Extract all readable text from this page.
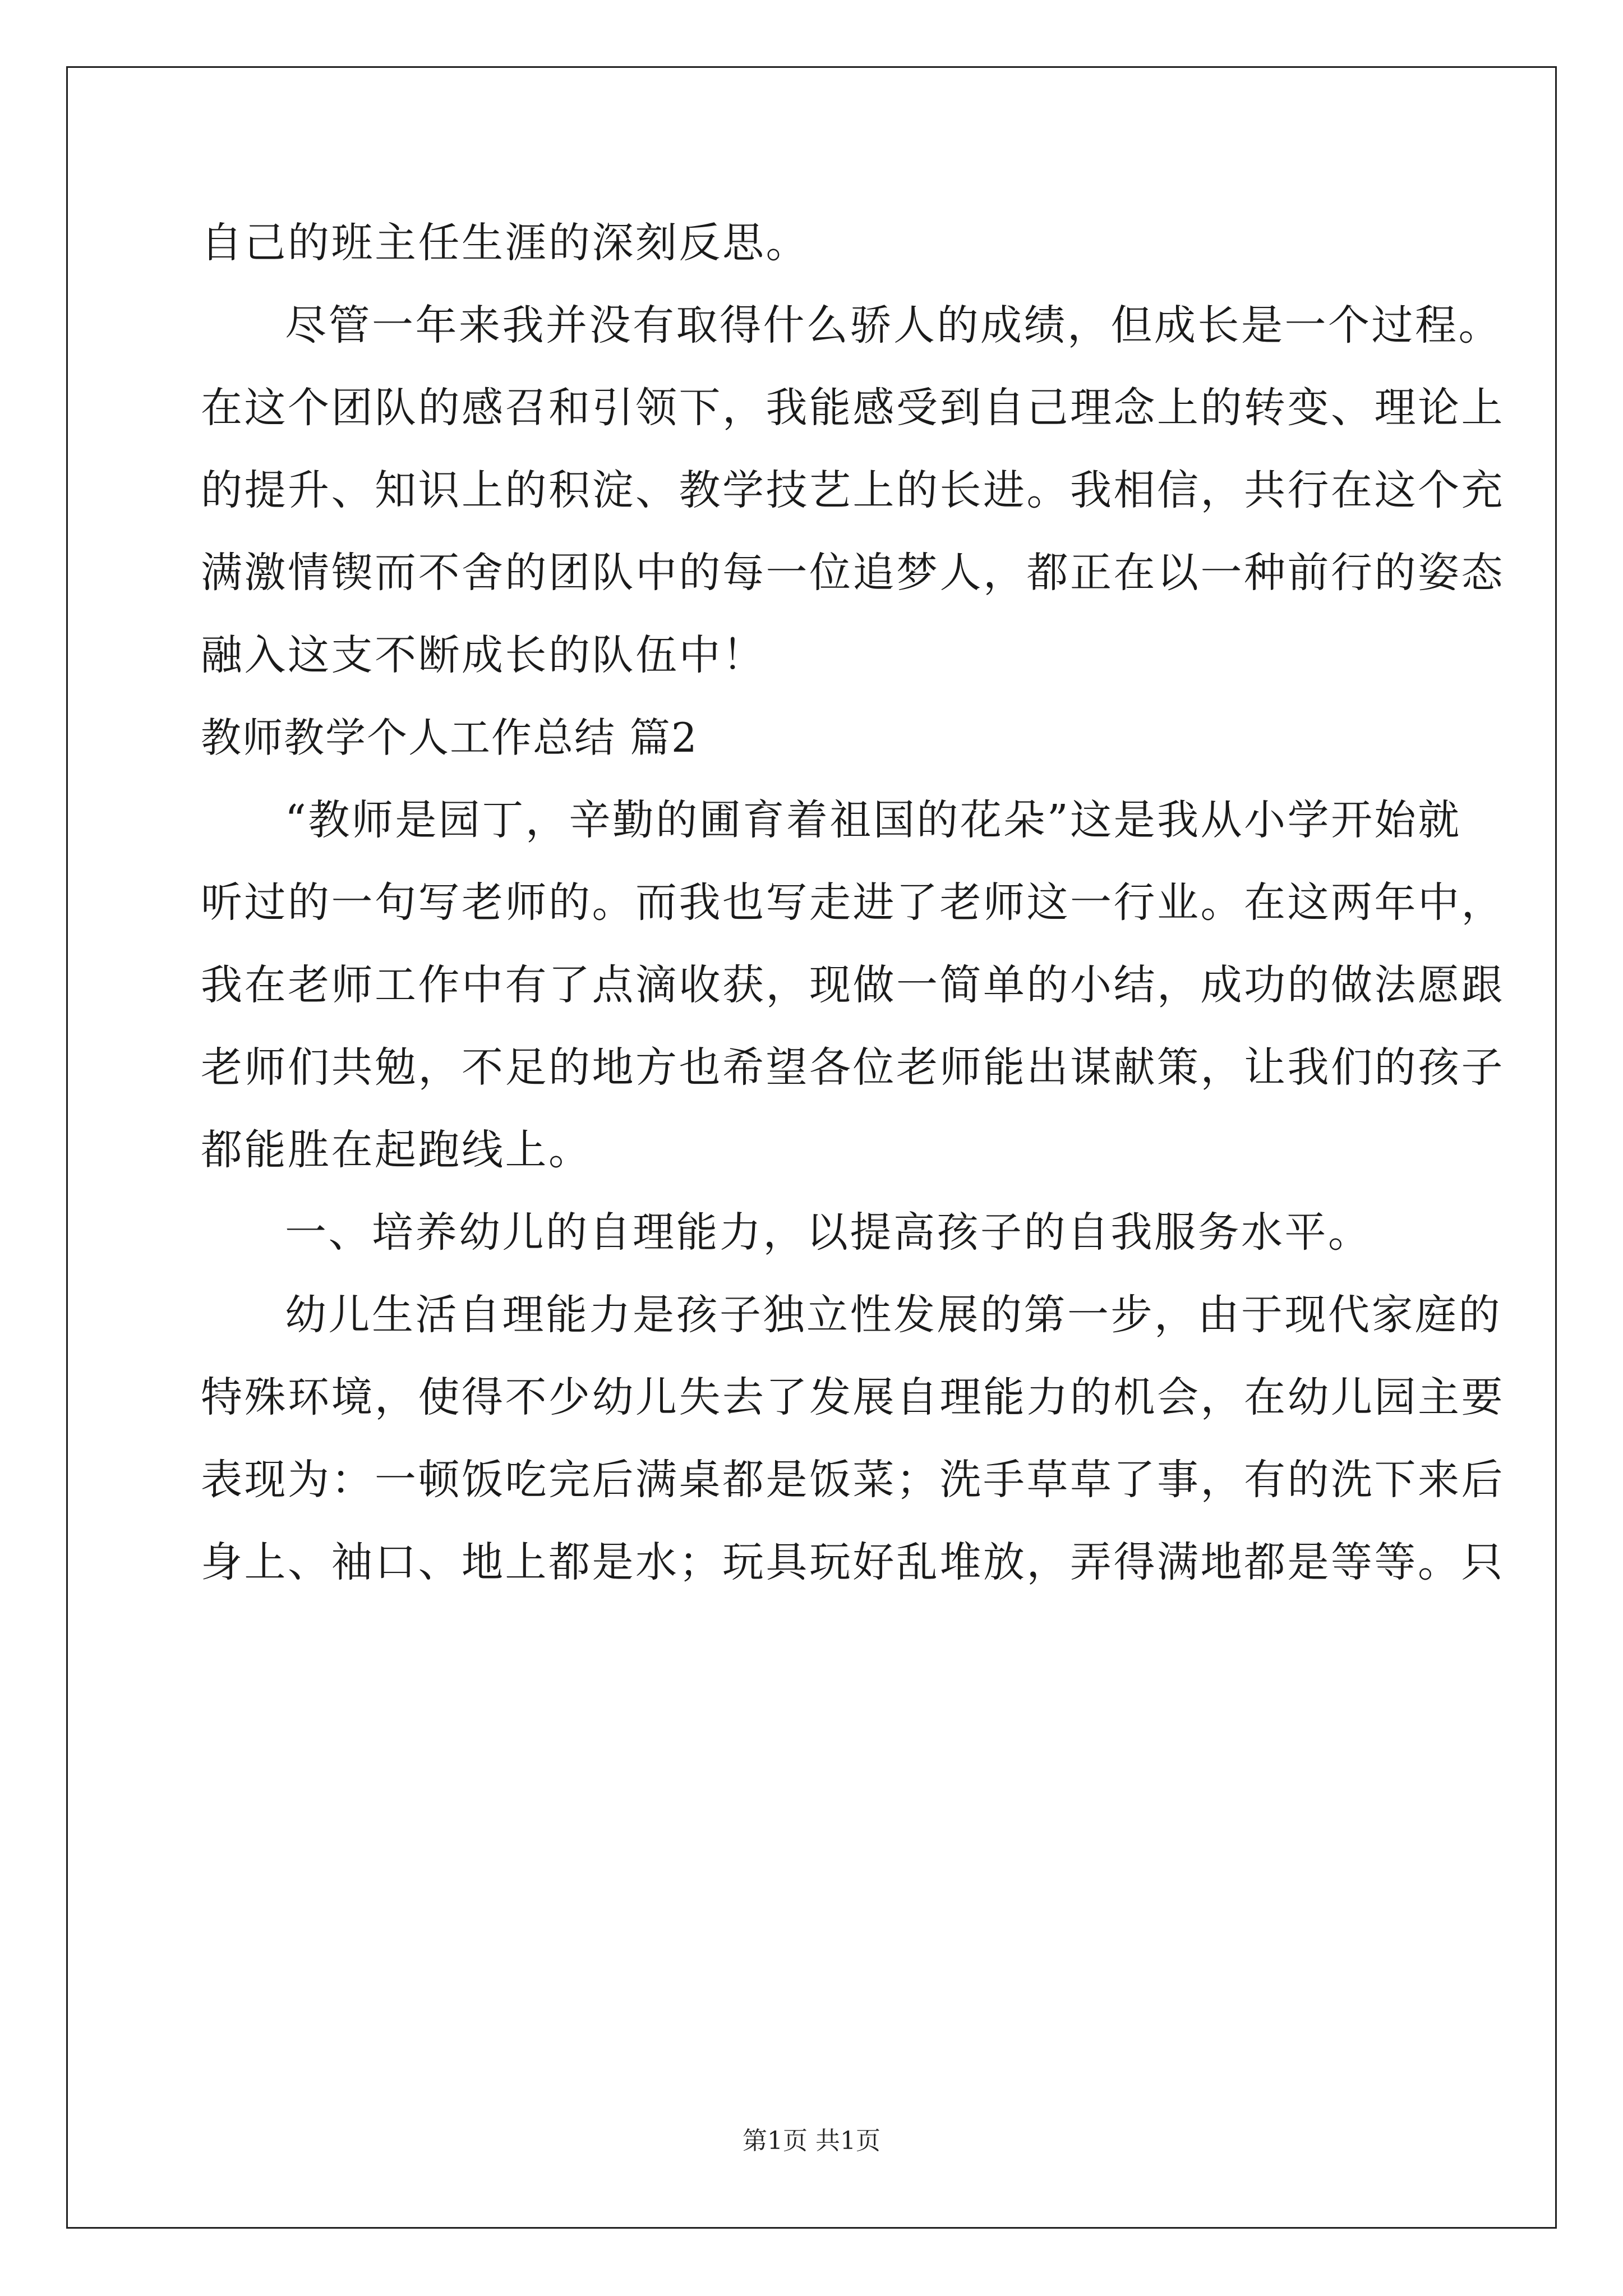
自己的班主任生涯的深刻反思。
尽管一年来我并没有取得什么骄人的成绩，但成长是一个过程。
在这个团队的感召和引领下，我能感受到自己理念上的转变、理论上
的提升、知识上的积淀、教学技艺上的长进。我相信，共行在这个充
满激情锲而不舍的团队中的每一位追梦人，都正在以一种前行的姿态
融入这支不断成长的队伍中！
教师教学个人工作总结 篇2
“教师是园丁，辛勤的圃育着祖国的花朵”这是我从小学开始就
听过的一句写老师的。而我也写走进了老师这一行业。在这两年中，
我在老师工作中有了点滴收获，现做一简单的小结，成功的做法愿跟
老师们共勉，不足的地方也希望各位老师能出谋献策，让我们的孩子
都能胜在起跑线上。
一、培养幼儿的自理能力，以提高孩子的自我服务水平。
幼儿生活自理能力是孩子独立性发展的第一步，由于现代家庭的
特殊环境，使得不少幼儿失去了发展自理能力的机会，在幼儿园主要
表现为：一顿饭吃完后满桌都是饭菜；洗手草草了事，有的洗下来后
身上、袖口、地上都是水；玩具玩好乱堆放，弄得满地都是等等。只
第1页 共1页
